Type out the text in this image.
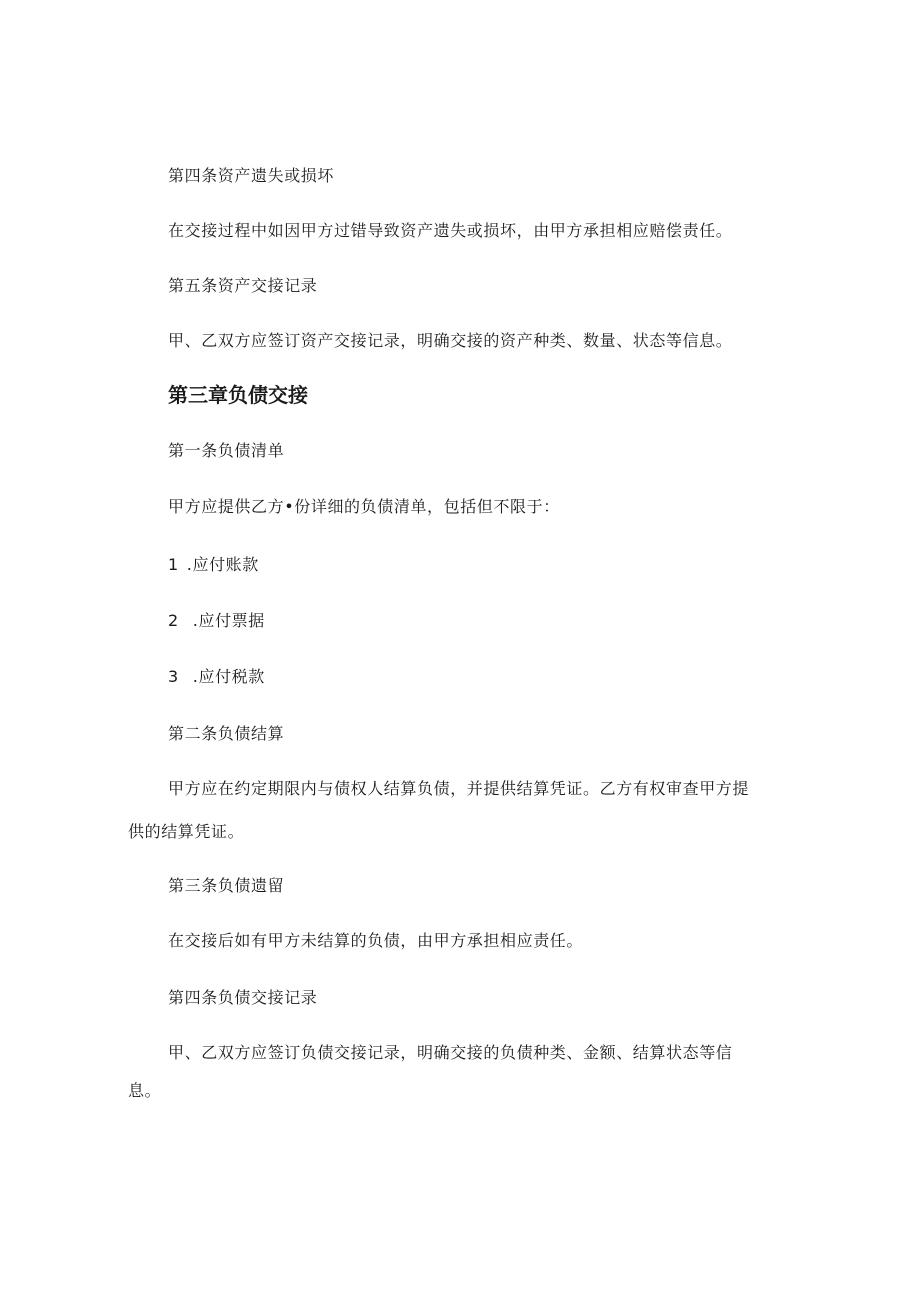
第四条资产遗失或损坏
在交接过程中如因甲方过错导致资产遗失或损坏，由甲方承担相应赔偿责任。
第五条资产交接记录
甲、乙双方应签订资产交接记录，明确交接的资产种类、数量、状态等信息。
第三章负债交接
第一条负债清单
甲方应提供乙方•份详细的负债清单，包括但不限于：
1 .应付账款
2 .应付票据
3 .应付税款
第二条负债结算
甲方应在约定期限内与债权人结算负债，并提供结算凭证。乙方有权审查甲方提
供的结算凭证。
第三条负债遗留
在交接后如有甲方未结算的负债，由甲方承担相应责任。
第四条负债交接记录
甲、乙双方应签订负债交接记录，明确交接的负债种类、金额、结算状态等信
息。
